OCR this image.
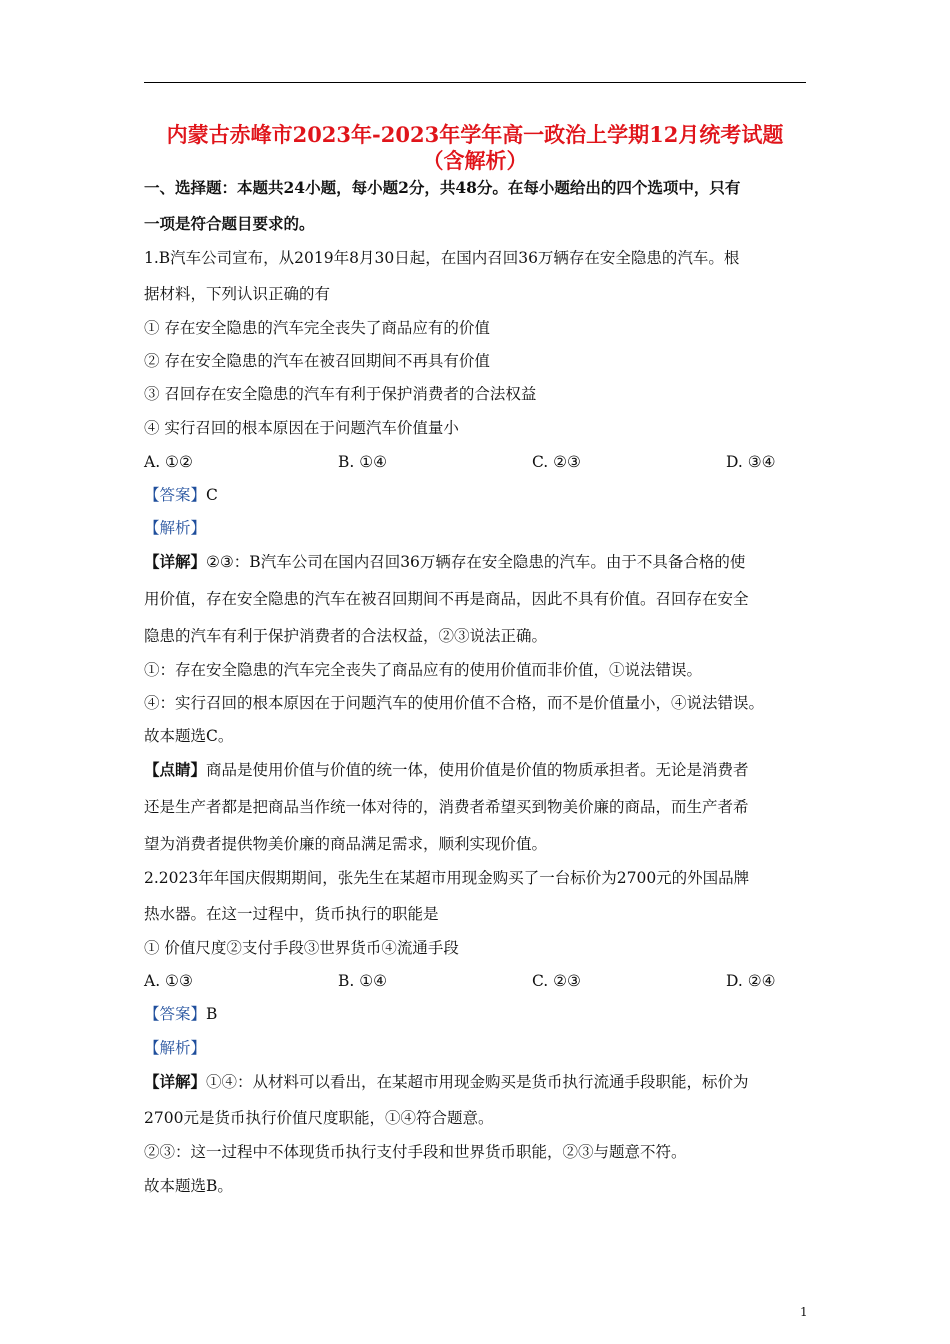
内蒙古赤峰市2023年-2023年学年高一政治上学期12月统考试题
（含解析）
一、选择题：本题共24小题，每小题2分，共48分。在每小题给出的四个选项中，只有
一项是符合题目要求的。
1.B汽车公司宣布，从2019年8月30日起，在国内召回36万辆存在安全隐患的汽车。根
据材料，下列认识正确的有
① 存在安全隐患的汽车完全丧失了商品应有的价值
② 存在安全隐患的汽车在被召回期间不再具有价值
③ 召回存在安全隐患的汽车有利于保护消费者的合法权益
④ 实行召回的根本原因在于问题汽车价值量小
A. ①②	B. ①④	C. ②③	D. ③④
【答案】C
【解析】
【详解】②③：B汽车公司在国内召回36万辆存在安全隐患的汽车。由于不具备合格的使
用价值，存在安全隐患的汽车在被召回期间不再是商品，因此不具有价值。召回存在安全
隐患的汽车有利于保护消费者的合法权益，②③说法正确。
①：存在安全隐患的汽车完全丧失了商品应有的使用价值而非价值，①说法错误。
④：实行召回的根本原因在于问题汽车的使用价值不合格，而不是价值量小，④说法错误。
故本题选C。
【点睛】商品是使用价值与价值的统一体，使用价值是价值的物质承担者。无论是消费者
还是生产者都是把商品当作统一体对待的，消费者希望买到物美价廉的商品，而生产者希
望为消费者提供物美价廉的商品满足需求，顺利实现价值。
2.2023年年国庆假期期间，张先生在某超市用现金购买了一台标价为2700元的外国品牌
热水器。在这一过程中，货币执行的职能是
① 价值尺度②支付手段③世界货币④流通手段
A. ①③	B. ①④	C. ②③	D. ②④
【答案】B
【解析】
【详解】①④：从材料可以看出，在某超市用现金购买是货币执行流通手段职能，标价为
2700元是货币执行价值尺度职能，①④符合题意。
②③：这一过程中不体现货币执行支付手段和世界货币职能，②③与题意不符。
故本题选B。
1
